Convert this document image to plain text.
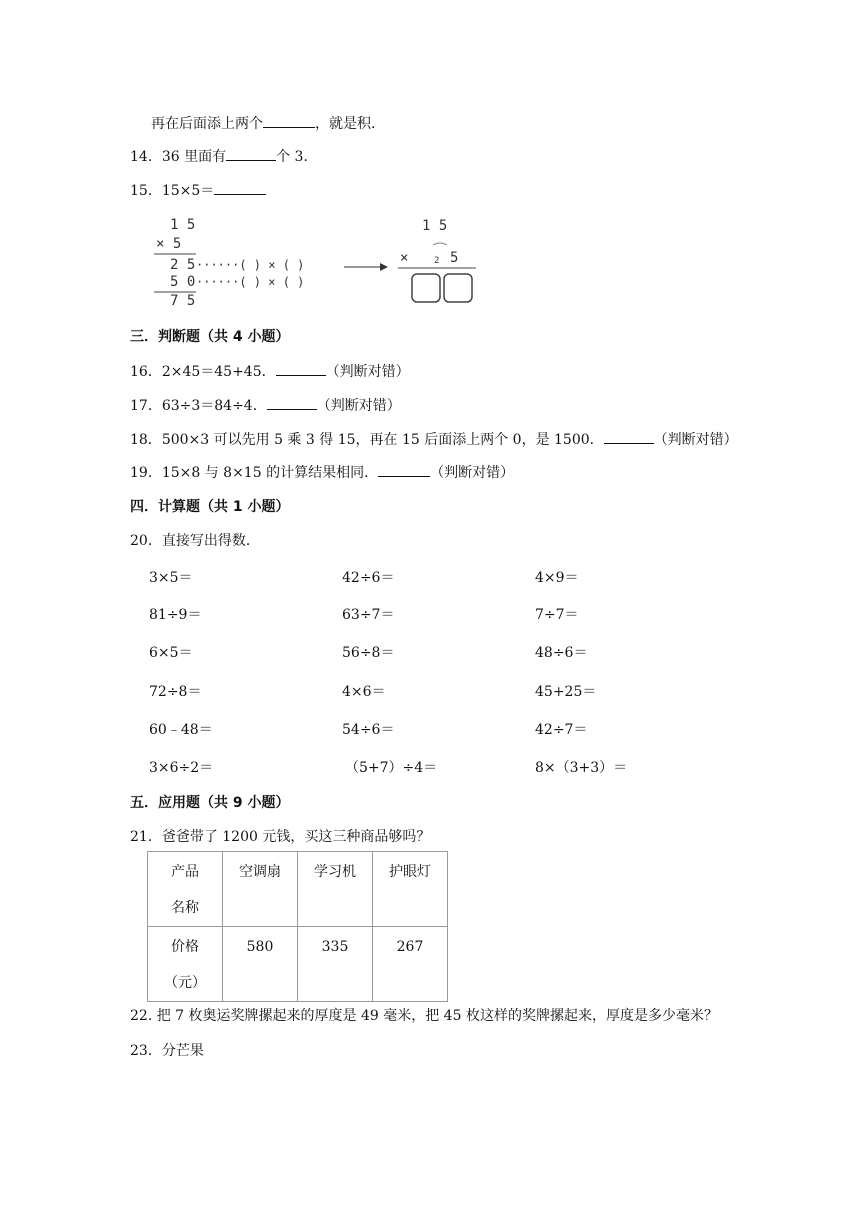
再在后面添上两个	，就是积．
14．36 里面有	个 3．
15．15×5＝
1 5
× 5
2 5
5 0
7 5
······( ) × ( )
······( ) × ( )
1 5
×	2 5
三．判断题（共 4 小题）
16．2×45＝45+45．	（判断对错）
17．63÷3＝84÷4．	（判断对错）
18．500×3 可以先用 5 乘 3 得 15，再在 15 后面添上两个 0，是 1500．	（判断对错）
19．15×8 与 8×15 的计算结果相同．	（判断对错）
四．计算题（共 1 小题）
20．直接写出得数．
3×5＝	42÷6＝	4×9＝
81÷9＝	63÷7＝	7÷7＝
6×5＝	56÷8＝	48÷6＝
72÷8＝	4×6＝	45+25＝
60﹣48＝	54÷6＝	42÷7＝
3×6÷2＝	（5+7）÷4＝	8×（3+3）＝
五．应用题（共 9 小题）
21．爸爸带了 1200 元钱，买这三种商品够吗？
产品
名称	空调扇	学习机	护眼灯

价格
（元）	580	335	267
22. 把 7 枚奥运奖牌摞起来的厚度是 49 毫米，把 45 枚这样的奖牌摞起来，厚度是多少毫米？
23．分芒果
